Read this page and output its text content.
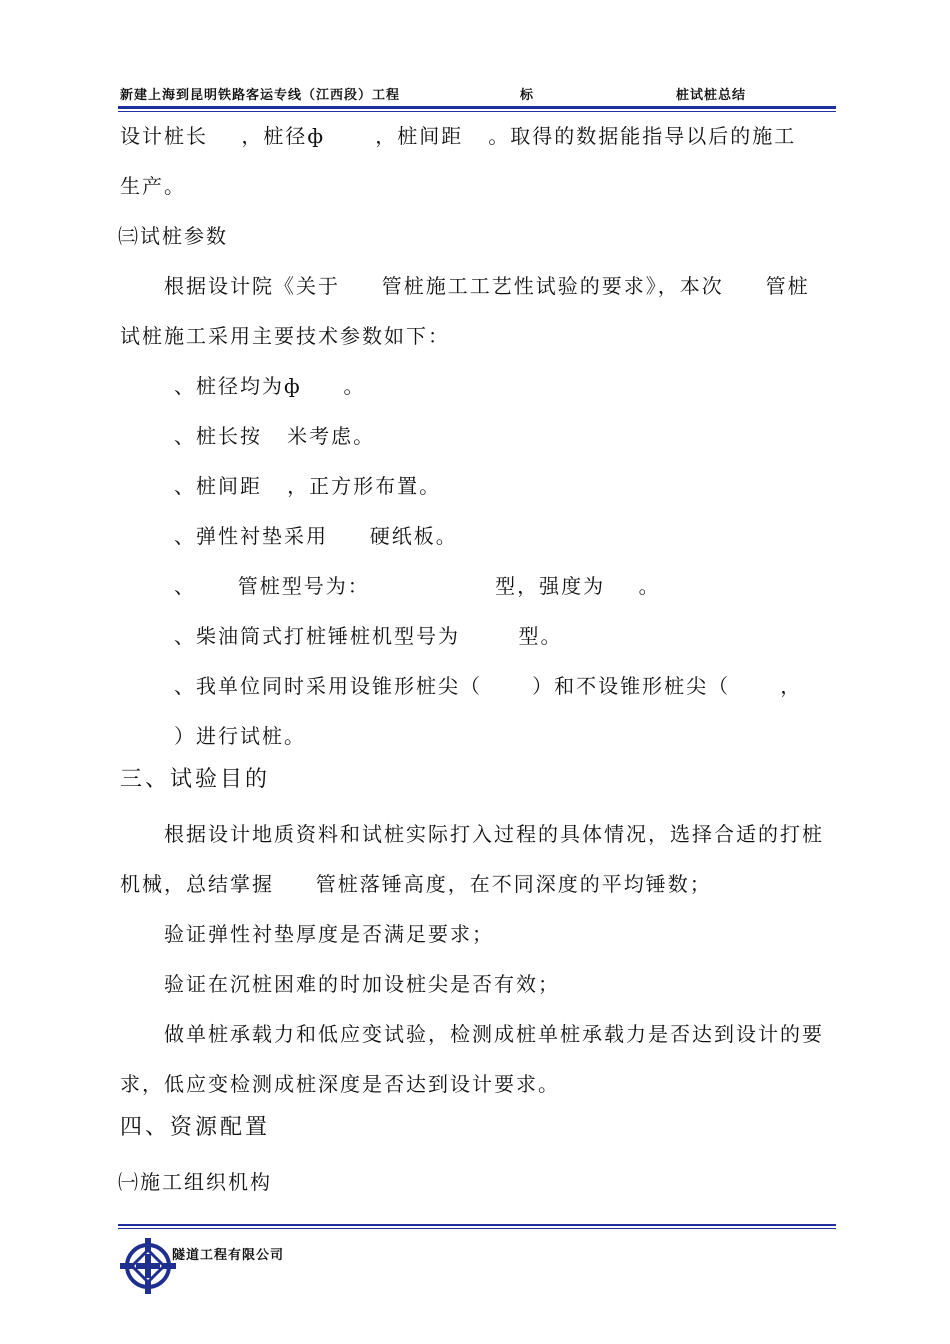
新建上海到昆明铁路客运专线（江西段）工程	标	桩试桩总结
设计桩长    ，桩径ф      ，桩间距   。取得的数据能指导以后的施工
生产。
㈢试桩参数
根据设计院《关于     管桩施工工艺性试验的要求》，本次     管桩
试桩施工采用主要技术参数如下：
、桩径均为ф     。
、桩长按   米考虑。
、桩间距   ，正方形布置。
、弹性衬垫采用     硬纸板。
、     管桩型号为：               型，强度为    。
、柴油筒式打桩锤桩机型号为       型。
、我单位同时采用设锥形桩尖（      ）和不设锥形桩尖（      ，
）进行试桩。
三、试验目的
根据设计地质资料和试桩实际打入过程的具体情况，选择合适的打桩
机械，总结掌握     管桩落锤高度，在不同深度的平均锤数；
验证弹性衬垫厚度是否满足要求；
验证在沉桩困难的时加设桩尖是否有效；
做单桩承载力和低应变试验，检测成桩单桩承载力是否达到设计的要
求，低应变检测成桩深度是否达到设计要求。
四、资源配置
㈠施工组织机构
隧道工程有限公司
